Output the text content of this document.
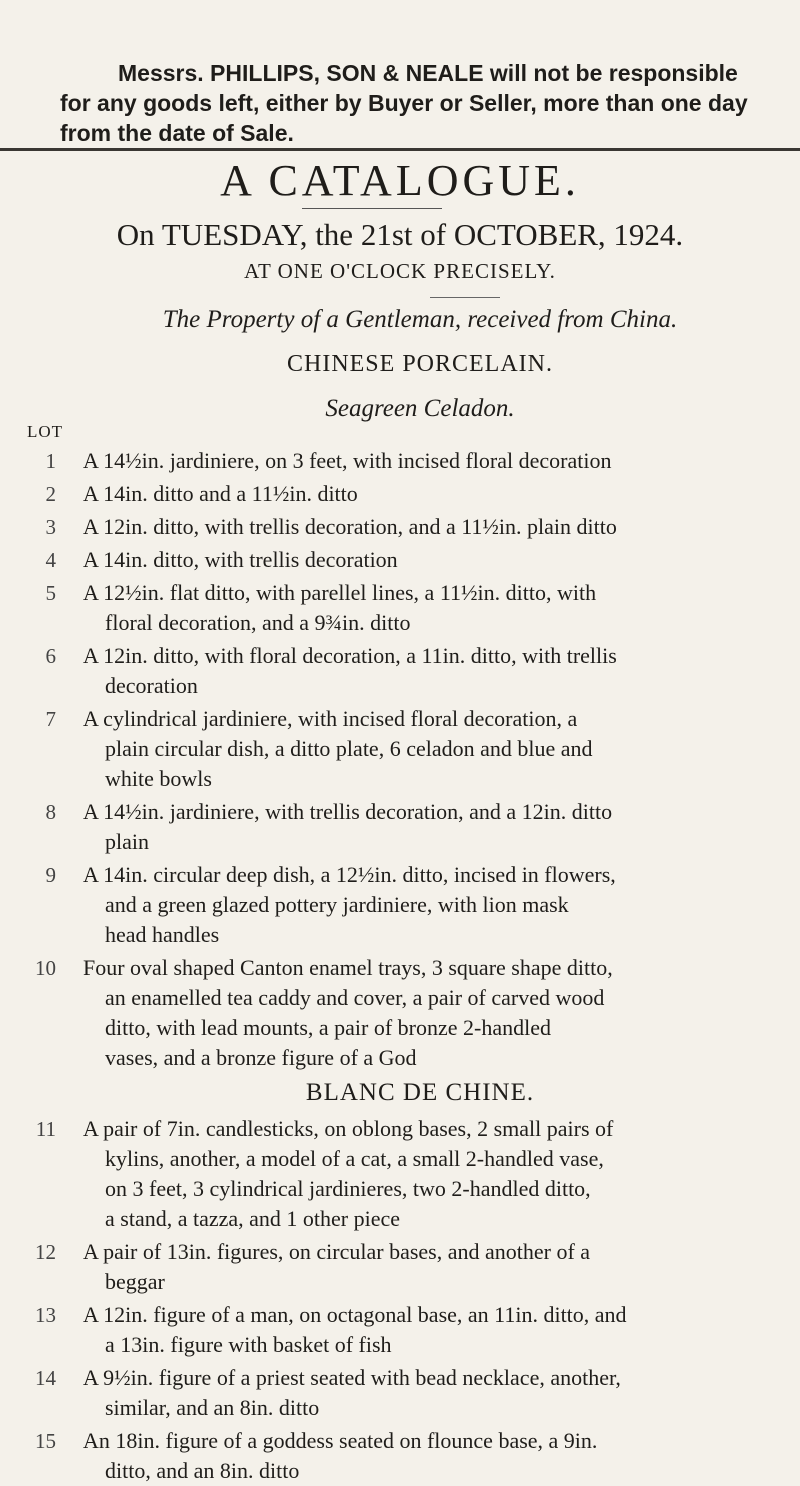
Messrs. PHILLIPS, SON & NEALE will not be responsible
for any goods left, either by Buyer or Seller, more than one day
from the date of Sale.
A CATALOGUE.
On TUESDAY, the 21st of OCTOBER, 1924.
AT ONE O'CLOCK PRECISELY.
The Property of a Gentleman, received from China.
CHINESE PORCELAIN.
Seagreen Celadon.
LOT
1 A 14½in. jardiniere, on 3 feet, with incised floral decoration
2 A 14in. ditto and a 11½in. ditto
3 A 12in. ditto, with trellis decoration, and a 11½in. plain ditto
4 A 14in. ditto, with trellis decoration
5 A 12½in. flat ditto, with parellel lines, a 11½in. ditto, with
floral decoration, and a 9¾in. ditto
6 A 12in. ditto, with floral decoration, a 11in. ditto, with trellis
decoration
7 A cylindrical jardiniere, with incised floral decoration, a
plain circular dish, a ditto plate, 6 celadon and blue and
white bowls
8 A 14½in. jardiniere, with trellis decoration, and a 12in. ditto
plain
9 A 14in. circular deep dish, a 12½in. ditto, incised in flowers,
and a green glazed pottery jardiniere, with lion mask
head handles
10 Four oval shaped Canton enamel trays, 3 square shape ditto,
an enamelled tea caddy and cover, a pair of carved wood
ditto, with lead mounts, a pair of bronze 2-handled
vases, and a bronze figure of a God
11 A pair of 7in. candlesticks, on oblong bases, 2 small pairs of
kylins, another, a model of a cat, a small 2-handled vase,
on 3 feet, 3 cylindrical jardinieres, two 2-handled ditto,
a stand, a tazza, and 1 other piece
12 A pair of 13in. figures, on circular bases, and another of a
beggar
13 A 12in. figure of a man, on octagonal base, an 11in. ditto, and
a 13in. figure with basket of fish
14 A 9½in. figure of a priest seated with bead necklace, another,
similar, and an 8in. ditto
15 An 18in. figure of a goddess seated on flounce base, a 9in.
ditto, and an 8in. ditto
BLANC DE CHINE.
